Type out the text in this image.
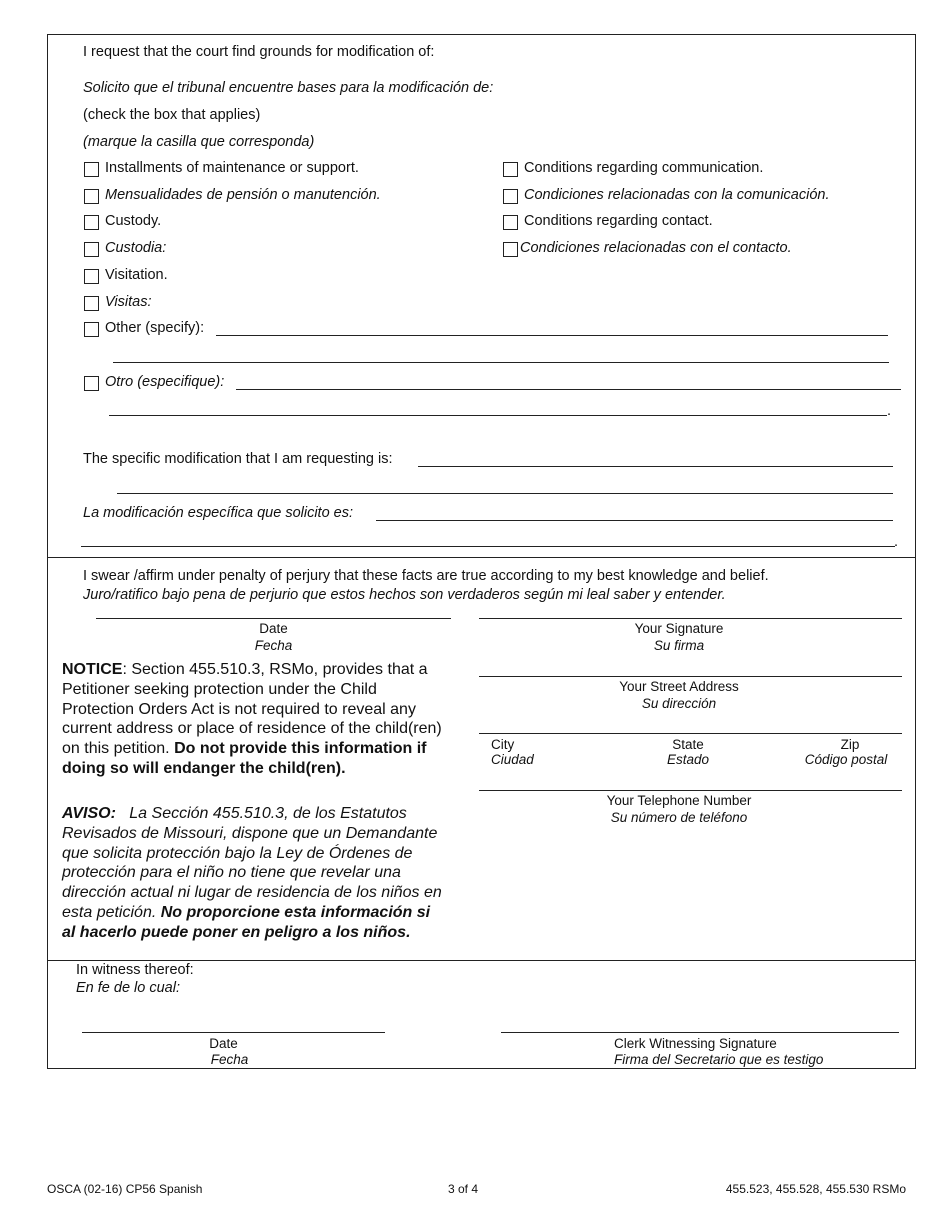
I request that the court find grounds for modification of:
Solicito que el tribunal encuentre bases para la modificación de:
(check the box that applies)
(marque la casilla que corresponda)
Installments of maintenance or support.
Mensualidades de pensión o manutención.
Custody.
Custodia:
Visitation.
Visitas:
Conditions regarding communication.
Condiciones relacionadas con la comunicación.
Conditions regarding contact.
Condiciones relacionadas con el contacto.
Other (specify):
Otro (especifique):
.
The specific modification that I am requesting is:
La modificación específica que solicito es:
.
I swear /affirm under penalty of perjury that these facts are true according to my best knowledge and belief.
Juro/ratifico bajo pena de perjurio que estos hechos son verdaderos según mi leal saber y entender.
Date
Fecha
Your Signature
Su firma
Your Street Address
Su dirección
City
Ciudad
State
Estado
Zip
Código postal
Your Telephone Number
Su número de teléfono
NOTICE: Section 455.510.3, RSMo, provides that a Petitioner seeking protection under the Child Protection Orders Act is not required to reveal any current address or place of residence of the child(ren) on this petition. Do not provide this information if doing so will endanger the child(ren).
AVISO: La Sección 455.510.3, de los Estatutos Revisados de Missouri, dispone que un Demandante que solicita protección bajo la Ley de Órdenes de protección para el niño no tiene que revelar una dirección actual ni lugar de residencia de los niños en esta petición. No proporcione esta información si al hacerlo puede poner en peligro a los niños.
In witness thereof:
En fe de lo cual:
Date
Fecha
Clerk Witnessing Signature
Firma del Secretario que es testigo
OSCA (02-16) CP56 Spanish	3 of 4	455.523, 455.528, 455.530 RSMo
